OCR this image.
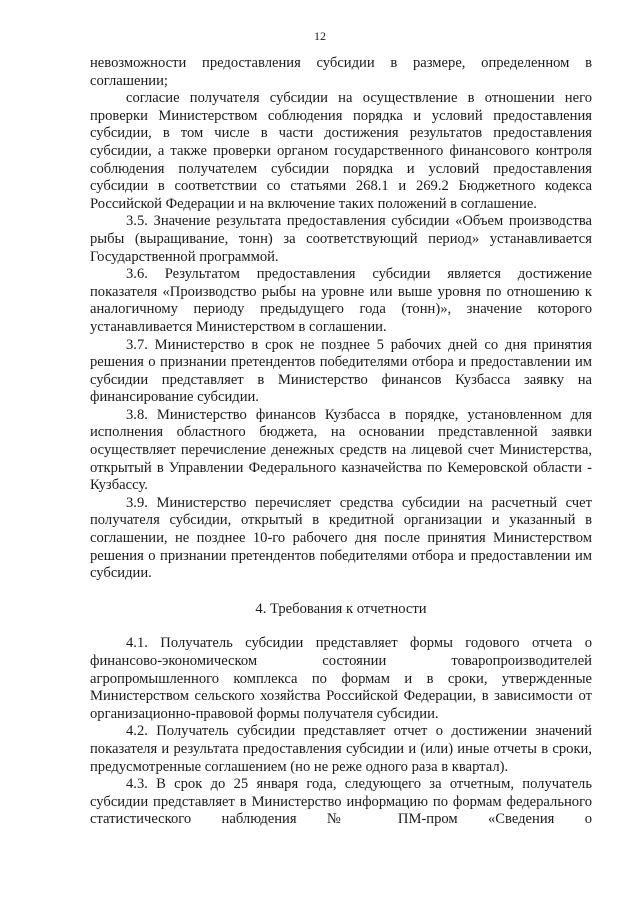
12

невозможности предоставления субсидии в размере, определенном в соглашении;

согласие получателя субсидии на осуществление в отношении него проверки Министерством соблюдения порядка и условий предоставления субсидии, в том числе в части достижения результатов предоставления субсидии, а также проверки органом государственного финансового контроля соблюдения получателем субсидии порядка и условий предоставления субсидии в соответствии со статьями 268.1 и 269.2 Бюджетного кодекса Российской Федерации и на включение таких положений в соглашение.

3.5. Значение результата предоставления субсидии «Объем производства рыбы (выращивание, тонн) за соответствующий период» устанавливается Государственной программой.

3.6. Результатом предоставления субсидии является достижение показателя «Производство рыбы на уровне или выше уровня по отношению к аналогичному периоду предыдущего года (тонн)», значение которого устанавливается Министерством в соглашении.

3.7. Министерство в срок не позднее 5 рабочих дней со дня принятия решения о признании претендентов победителями отбора и предоставлении им субсидии представляет в Министерство финансов Кузбасса заявку на финансирование субсидии.

3.8. Министерство финансов Кузбасса в порядке, установленном для исполнения областного бюджета, на основании представленной заявки осуществляет перечисление денежных средств на лицевой счет Министерства, открытый в Управлении Федерального казначейства по Кемеровской области - Кузбассу.

3.9. Министерство перечисляет средства субсидии на расчетный счет получателя субсидии, открытый в кредитной организации и указанный в соглашении, не позднее 10-го рабочего дня после принятия Министерством решения о признании претендентов победителями отбора и предоставлении им субсидии.

4. Требования к отчетности

4.1. Получатель субсидии представляет формы годового отчета о финансово-экономическом состоянии товаропроизводителей агропромышленного комплекса по формам и в сроки, утвержденные Министерством сельского хозяйства Российской Федерации, в зависимости от организационно-правовой формы получателя субсидии.

4.2. Получатель субсидии представляет отчет о достижении значений показателя и результата предоставления субсидии и (или) иные отчеты в сроки, предусмотренные соглашением (но не реже одного раза в квартал).

4.3. В срок до 25 января года, следующего за отчетным, получатель субсидии представляет в Министерство информацию по формам федерального статистического наблюдения № ПМ-пром «Сведения о
